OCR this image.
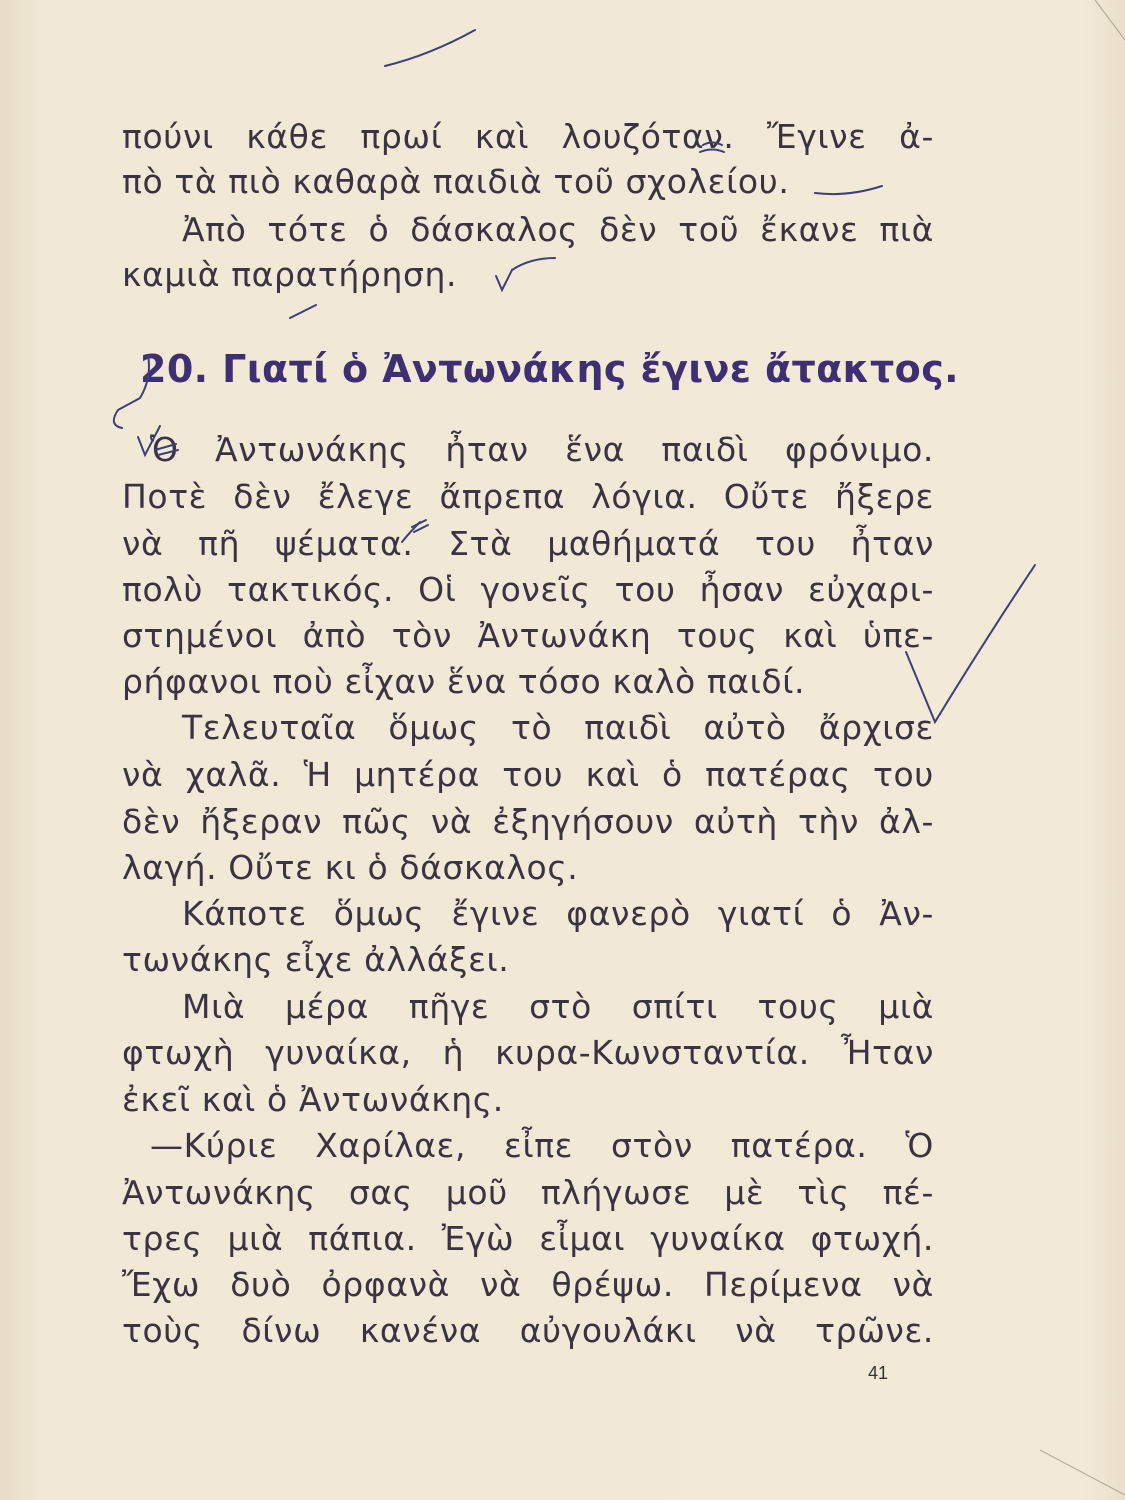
πούνι κάθε πρωί καὶ λουζόταν. Ἔγινε ἀ-
πὸ τὰ πιὸ καθαρὰ παιδιὰ τοῦ σχολείου.
Ἀπὸ τότε ὁ δάσκαλος δὲν τοῦ ἔκανε πιὰ
καμιὰ παρατήρηση.
20. Γιατί ὁ Ἀντωνάκης ἔγινε ἄτακτος.
Ὁ Ἀντωνάκης ἦταν ἕνα παιδὶ φρόνιμο.
Ποτὲ δὲν ἔλεγε ἄπρεπα λόγια. Οὔτε ἤξερε
νὰ πῆ ψέματα. Στὰ μαθήματά του ἦταν
πολὺ τακτικός. Οἱ γονεῖς του ἦσαν εὐχαρι-
στημένοι ἀπὸ τὸν Ἀντωνάκη τους καὶ ὑπε-
ρήφανοι ποὺ εἶχαν ἕνα τόσο καλὸ παιδί.
Τελευταῖα ὅμως τὸ παιδὶ αὐτὸ ἄρχισε
νὰ χαλᾶ. Ἡ μητέρα του καὶ ὁ πατέρας του
δὲν ἤξεραν πῶς νὰ ἐξηγήσουν αὐτὴ τὴν ἀλ-
λαγή. Οὔτε κι ὁ δάσκαλος.
Κάποτε ὅμως ἔγινε φανερὸ γιατί ὁ Ἀν-
τωνάκης εἶχε ἀλλάξει.
Μιὰ μέρα πῆγε στὸ σπίτι τους μιὰ
φτωχὴ γυναίκα, ἡ κυρα-Κωνσταντία. Ἦταν
ἐκεῖ καὶ ὁ Ἀντωνάκης.
—Κύριε Χαρίλαε, εἶπε στὸν πατέρα. Ὁ
Ἀντωνάκης σας μοῦ πλήγωσε μὲ τὶς πέ-
τρες μιὰ πάπια. Ἐγὼ εἶμαι γυναίκα φτωχή.
Ἔχω δυὸ ὀρφανὰ νὰ θρέψω. Περίμενα νὰ
τοὺς δίνω κανένα αὐγουλάκι νὰ τρῶνε.
41
